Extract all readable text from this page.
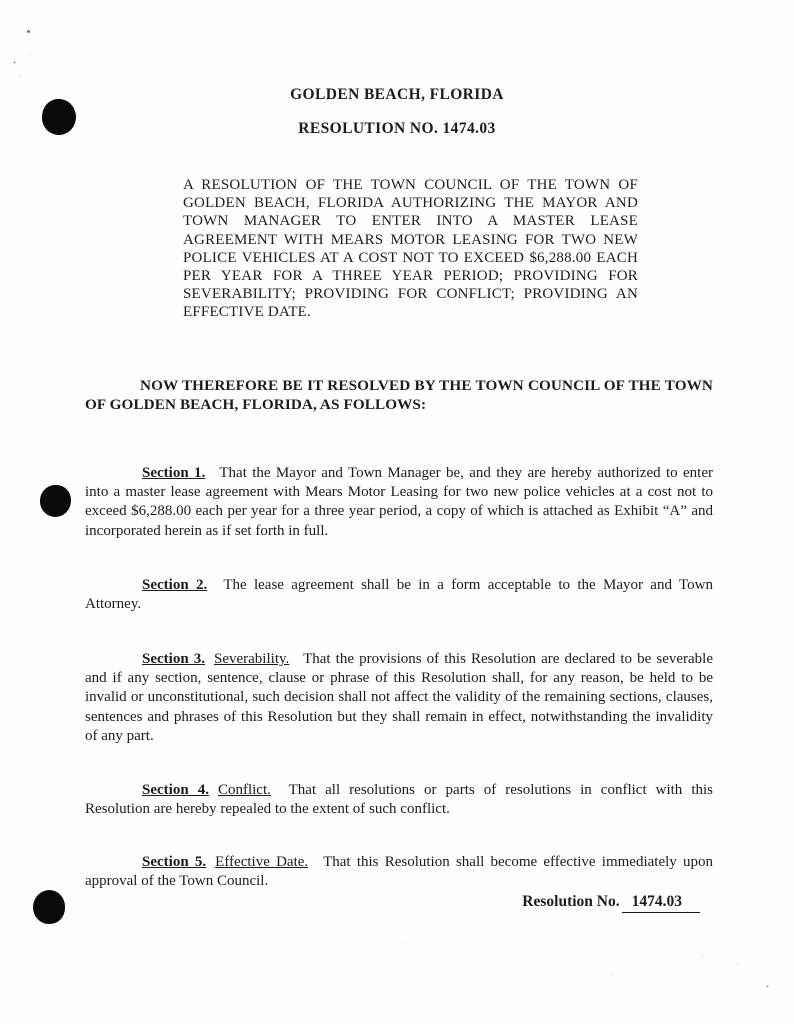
GOLDEN BEACH, FLORIDA
RESOLUTION NO. 1474.03
A RESOLUTION OF THE TOWN COUNCIL OF THE TOWN OF GOLDEN BEACH, FLORIDA AUTHORIZING THE MAYOR AND TOWN MANAGER TO ENTER INTO A MASTER LEASE AGREEMENT WITH MEARS MOTOR LEASING FOR TWO NEW POLICE VEHICLES AT A COST NOT TO EXCEED $6,288.00 EACH PER YEAR FOR A THREE YEAR PERIOD; PROVIDING FOR SEVERABILITY; PROVIDING FOR CONFLICT; PROVIDING AN EFFECTIVE DATE.
NOW THEREFORE BE IT RESOLVED BY THE TOWN COUNCIL OF THE TOWN OF GOLDEN BEACH, FLORIDA, AS FOLLOWS:

Section 1. That the Mayor and Town Manager be, and they are hereby authorized to enter into a master lease agreement with Mears Motor Leasing for two new police vehicles at a cost not to exceed $6,288.00 each per year for a three year period, a copy of which is attached as Exhibit “A” and incorporated herein as if set forth in full.

Section 2. The lease agreement shall be in a form acceptable to the Mayor and Town Attorney.

Section 3. Severability. That the provisions of this Resolution are declared to be severable and if any section, sentence, clause or phrase of this Resolution shall, for any reason, be held to be invalid or unconstitutional, such decision shall not affect the validity of the remaining sections, clauses, sentences and phrases of this Resolution but they shall remain in effect, notwithstanding the invalidity of any part.

Section 4. Conflict. That all resolutions or parts of resolutions in conflict with this Resolution are hereby repealed to the extent of such conflict.

Section 5. Effective Date. That this Resolution shall become effective immediately upon approval of the Town Council.

Resolution No. 1474.03
